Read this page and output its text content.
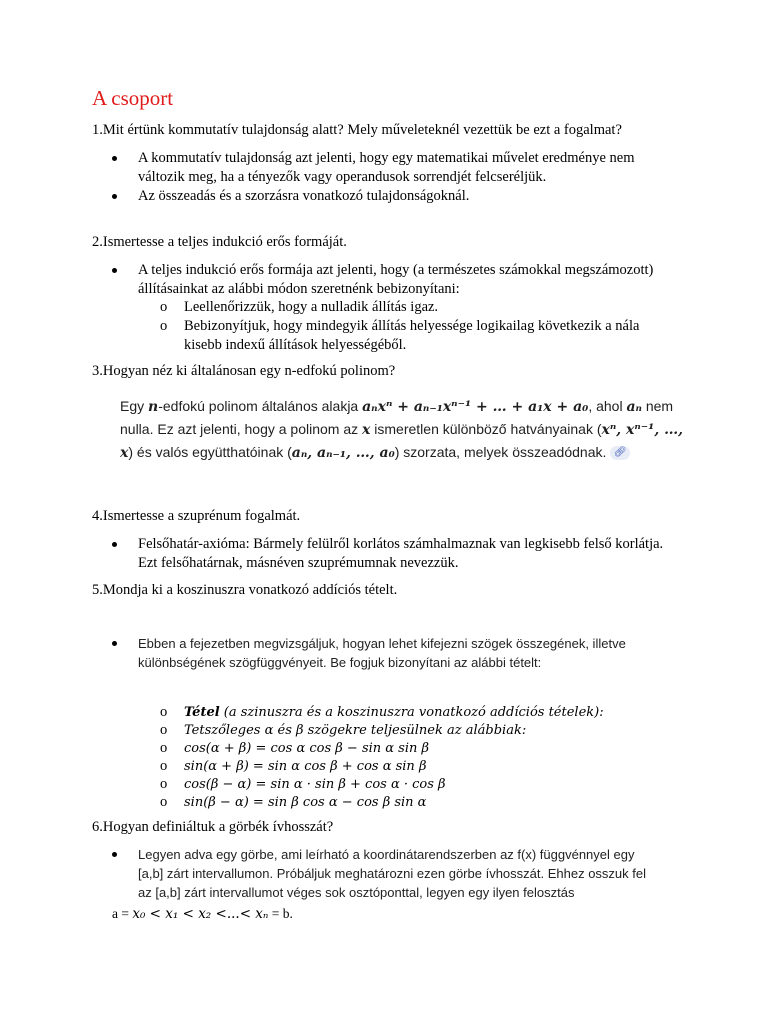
A csoport
1.Mit értünk kommutatív tulajdonság alatt? Mely műveleteknél vezettük be ezt a fogalmat?
A kommutatív tulajdonság azt jelenti, hogy egy matematikai művelet eredménye nem változik meg, ha a tényezők vagy operandusok sorrendjét felcseréljük.
Az összeadás és a szorzásra vonatkozó tulajdonságoknál.
2.Ismertesse a teljes indukció erős formáját.
A teljes indukció erős formája azt jelenti, hogy (a természetes számokkal megszámozott) állításainkat az alábbi módon szeretnénk bebizonyítani:
o Leellenőrizzük, hogy a nulladik állítás igaz.
o Bebizonyítjuk, hogy mindegyik állítás helyessége logikailag következik a nála kisebb indexű állítások helyességéből.
3.Hogyan néz ki általánosan egy n-edfokú polinom?
Egy n-edfokú polinom általános alakja aₙxⁿ + aₙ₋₁xⁿ⁻¹ + … + a₁x + a₀, ahol aₙ nem nulla. Ez azt jelenti, hogy a polinom az x ismeretlen különböző hatványainak (xⁿ, xⁿ⁻¹, …, x) és valós együtthatóinak (aₙ, aₙ₋₁, …, a₀) szorzata, melyek összeadódnak. 🔗︎
4.Ismertesse a szuprénum fogalmát.
Felsőhatár-axióma: Bármely felülről korlátos számhalmaznak van legkisebb felső korlátja. Ezt felsőhatárnak, másnéven szuprémumnak nevezzük.
5.Mondja ki a koszinuszra vonatkozó addíciós tételt.
Ebben a fejezetben megvizsgáljuk, hogyan lehet kifejezni szögek összegének, illetve különbségének szögfüggvényeit. Be fogjuk bizonyítani az alábbi tételt:
o Tétel (a szinuszra és a koszinuszra vonatkozó addíciós tételek):
o Tetszőleges α és β szögekre teljesülnek az alábbiak:
o cos(α + β) = cos α cos β − sin α sin β
o sin(α + β) = sin α cos β + cos α sin β
o cos(β − α) = sin α · sin β + cos α · cos β
o sin(β − α) = sin β cos α − cos β sin α
6.Hogyan definiáltuk a görbék ívhosszát?
Legyen adva egy görbe, ami leírható a koordinátarendszerben az f(x) függvénnyel egy [a,b] zárt intervallumon. Próbáljuk meghatározni ezen görbe ívhosszát. Ehhez osszuk fel az [a,b] zárt intervallumot véges sok osztóponttal, legyen egy ilyen felosztás
a = x₀ < x₁ < x₂ <...< xₙ = b.
